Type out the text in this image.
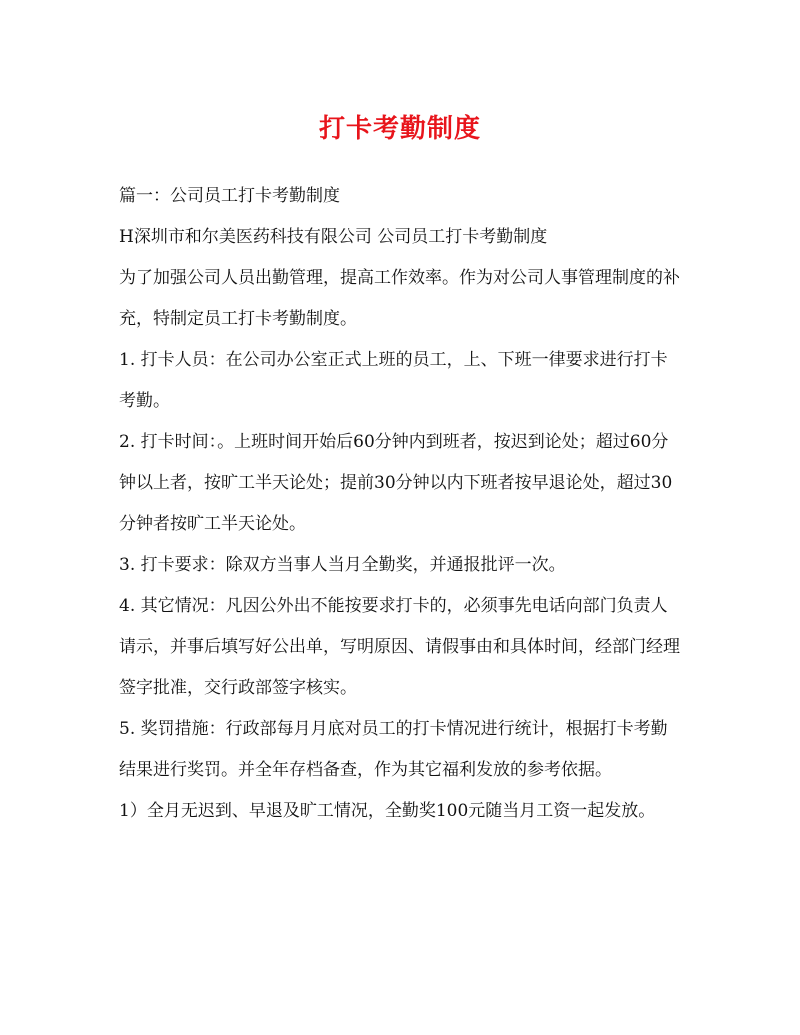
打卡考勤制度

篇一：公司员工打卡考勤制度

H深圳市和尔美医药科技有限公司 公司员工打卡考勤制度

为了加强公司人员出勤管理，提高工作效率。作为对公司人事管理制度的补充，特制定员工打卡考勤制度。

1. 打卡人员：在公司办公室正式上班的员工，上、下班一律要求进行打卡考勤。

2. 打卡时间：。上班时间开始后60分钟内到班者，按迟到论处；超过60分钟以上者，按旷工半天论处；提前30分钟以内下班者按早退论处，超过30分钟者按旷工半天论处。

3. 打卡要求：除双方当事人当月全勤奖，并通报批评一次。

4. 其它情况：凡因公外出不能按要求打卡的，必须事先电话向部门负责人请示，并事后填写好公出单，写明原因、请假事由和具体时间，经部门经理签字批准，交行政部签字核实。

5. 奖罚措施：行政部每月月底对员工的打卡情况进行统计，根据打卡考勤结果进行奖罚。并全年存档备查，作为其它福利发放的参考依据。

1）全月无迟到、早退及旷工情况，全勤奖100元随当月工资一起发放。
